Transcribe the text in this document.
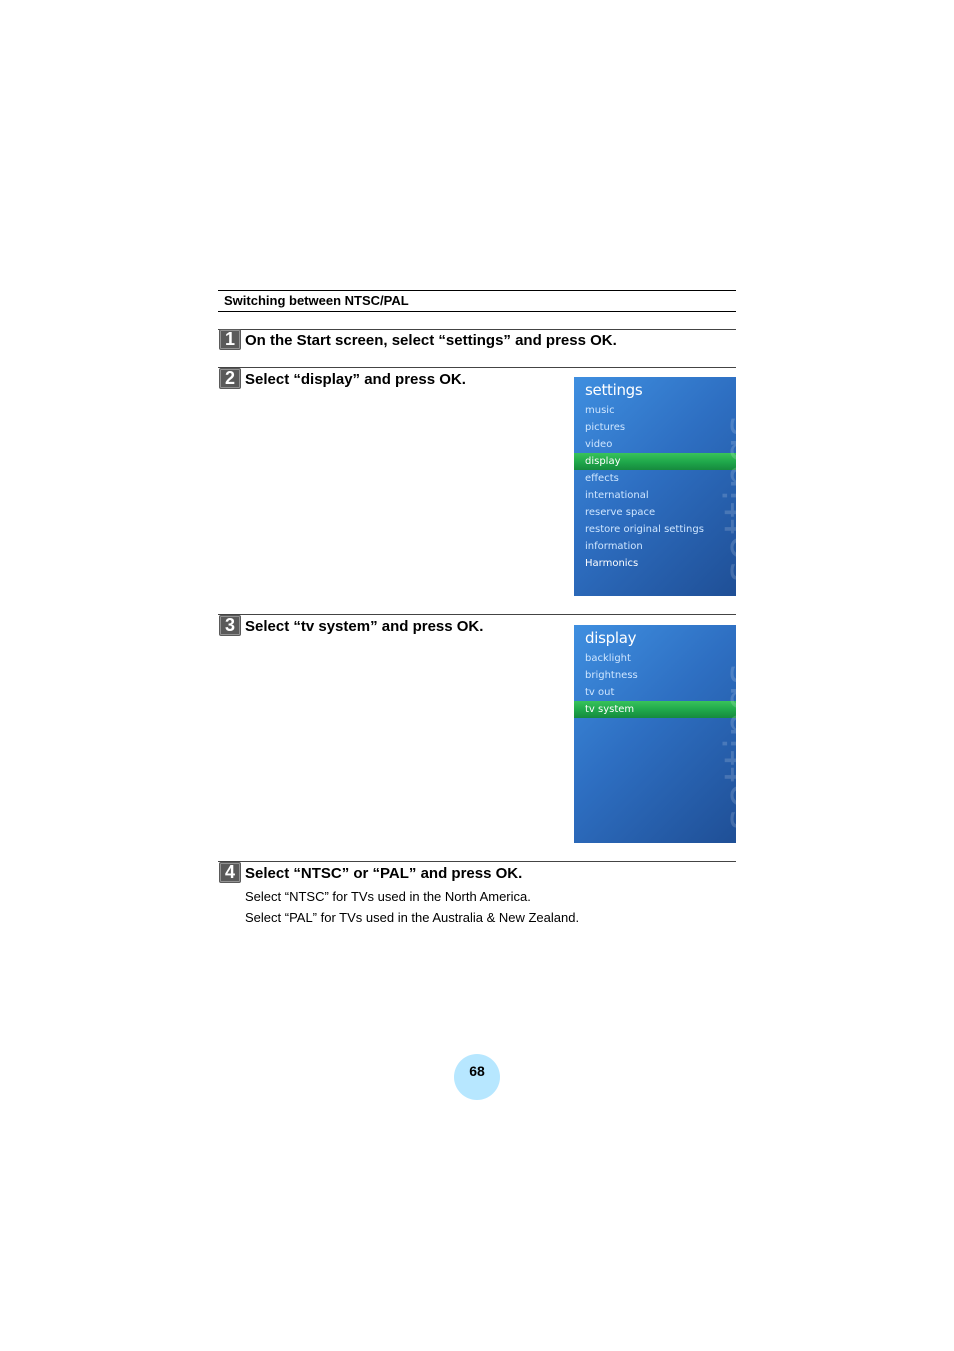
Switching between NTSC/PAL
1 On the Start screen, select “settings” and press OK.
2 Select “display” and press OK.
settings
music
pictures
video
display
effects
international
reserve space
restore original settings
information
Harmonics	settings
3 Select “tv system” and press OK.
display
backlight
brightness
tv out
tv system	settings
4 Select “NTSC” or “PAL” and press OK.
Select “NTSC” for TVs used in the North America.
Select “PAL” for TVs used in the Australia & New Zealand.
68
